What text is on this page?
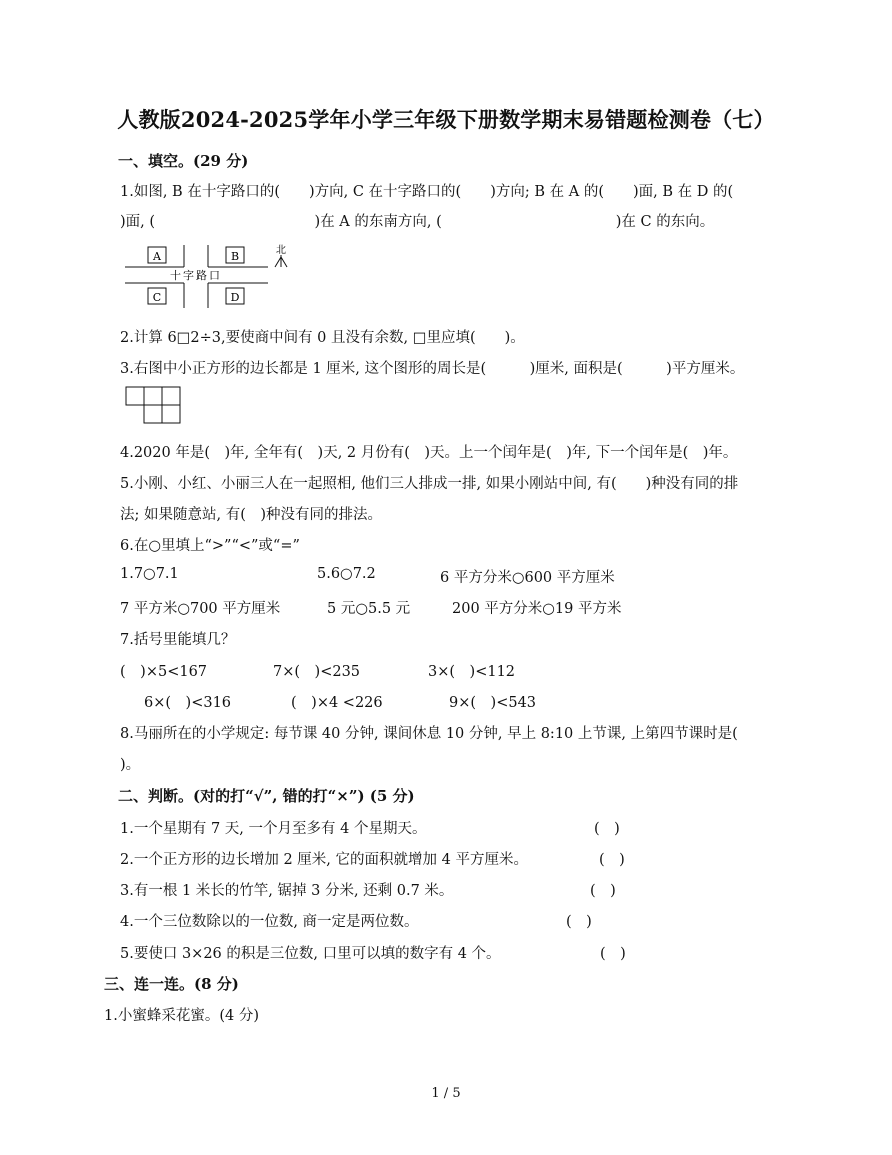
人教版2024-2025学年小学三年级下册数学期末易错题检测卷（七）
一、填空。(29 分)
1.如图, B 在十字路口的(　　)方向, C 在十字路口的(　　)方向; B 在 A 的(　　)面, B 在 D 的(
)面, (　　　　　　　　　　　)在 A 的东南方向, (　　　　　　　　　　　　)在 C 的东向。
A	B
C	D
十字路口
北
2.计算 6□2÷3,要使商中间有 0 且没有余数, □里应填(　　)。
3.右图中小正方形的边长都是 1 厘米, 这个图形的周长是(　　　)厘米, 面积是(　　　)平方厘米。
4.2020 年是(　)年, 全年有(　)天, 2 月份有(　)天。上一个闰年是(　)年, 下一个闰年是(　)年。
5.小刚、小红、小丽三人在一起照相, 他们三人排成一排, 如果小刚站中间, 有(　　)种没有同的排
法; 如果随意站, 有(　)种没有同的排法。
6.在○里填上“>”“<”或“=”
1.7○7.1	5.6○7.2	6 平方分米○600 平方厘米
7 平方米○700 平方厘米	5 元○5.5 元	200 平方分米○19 平方米
7.括号里能填几？
(　)×5<167	7×(　)<235	3×(　)<112
6×(　)<316	(　)×4 <226	9×(　)<543
8.马丽所在的小学规定: 每节课 40 分钟, 课间休息 10 分钟, 早上 8:10 上节课, 上第四节课时是(
)。
二、判断。(对的打“√”, 错的打“×”) (5 分)
1.一个星期有 7 天, 一个月至多有 4 个星期天。	(　)
2.一个正方形的边长增加 2 厘米, 它的面积就增加 4 平方厘米。	(　)
3.有一根 1 米长的竹竿, 锯掉 3 分米, 还剩 0.7 米。	(　)
4.一个三位数除以的一位数, 商一定是两位数。	(　)
5.要使口 3×26 的积是三位数, 口里可以填的数字有 4 个。	(　)
三、连一连。(8 分)
1.小蜜蜂采花蜜。(4 分)
1 / 5
